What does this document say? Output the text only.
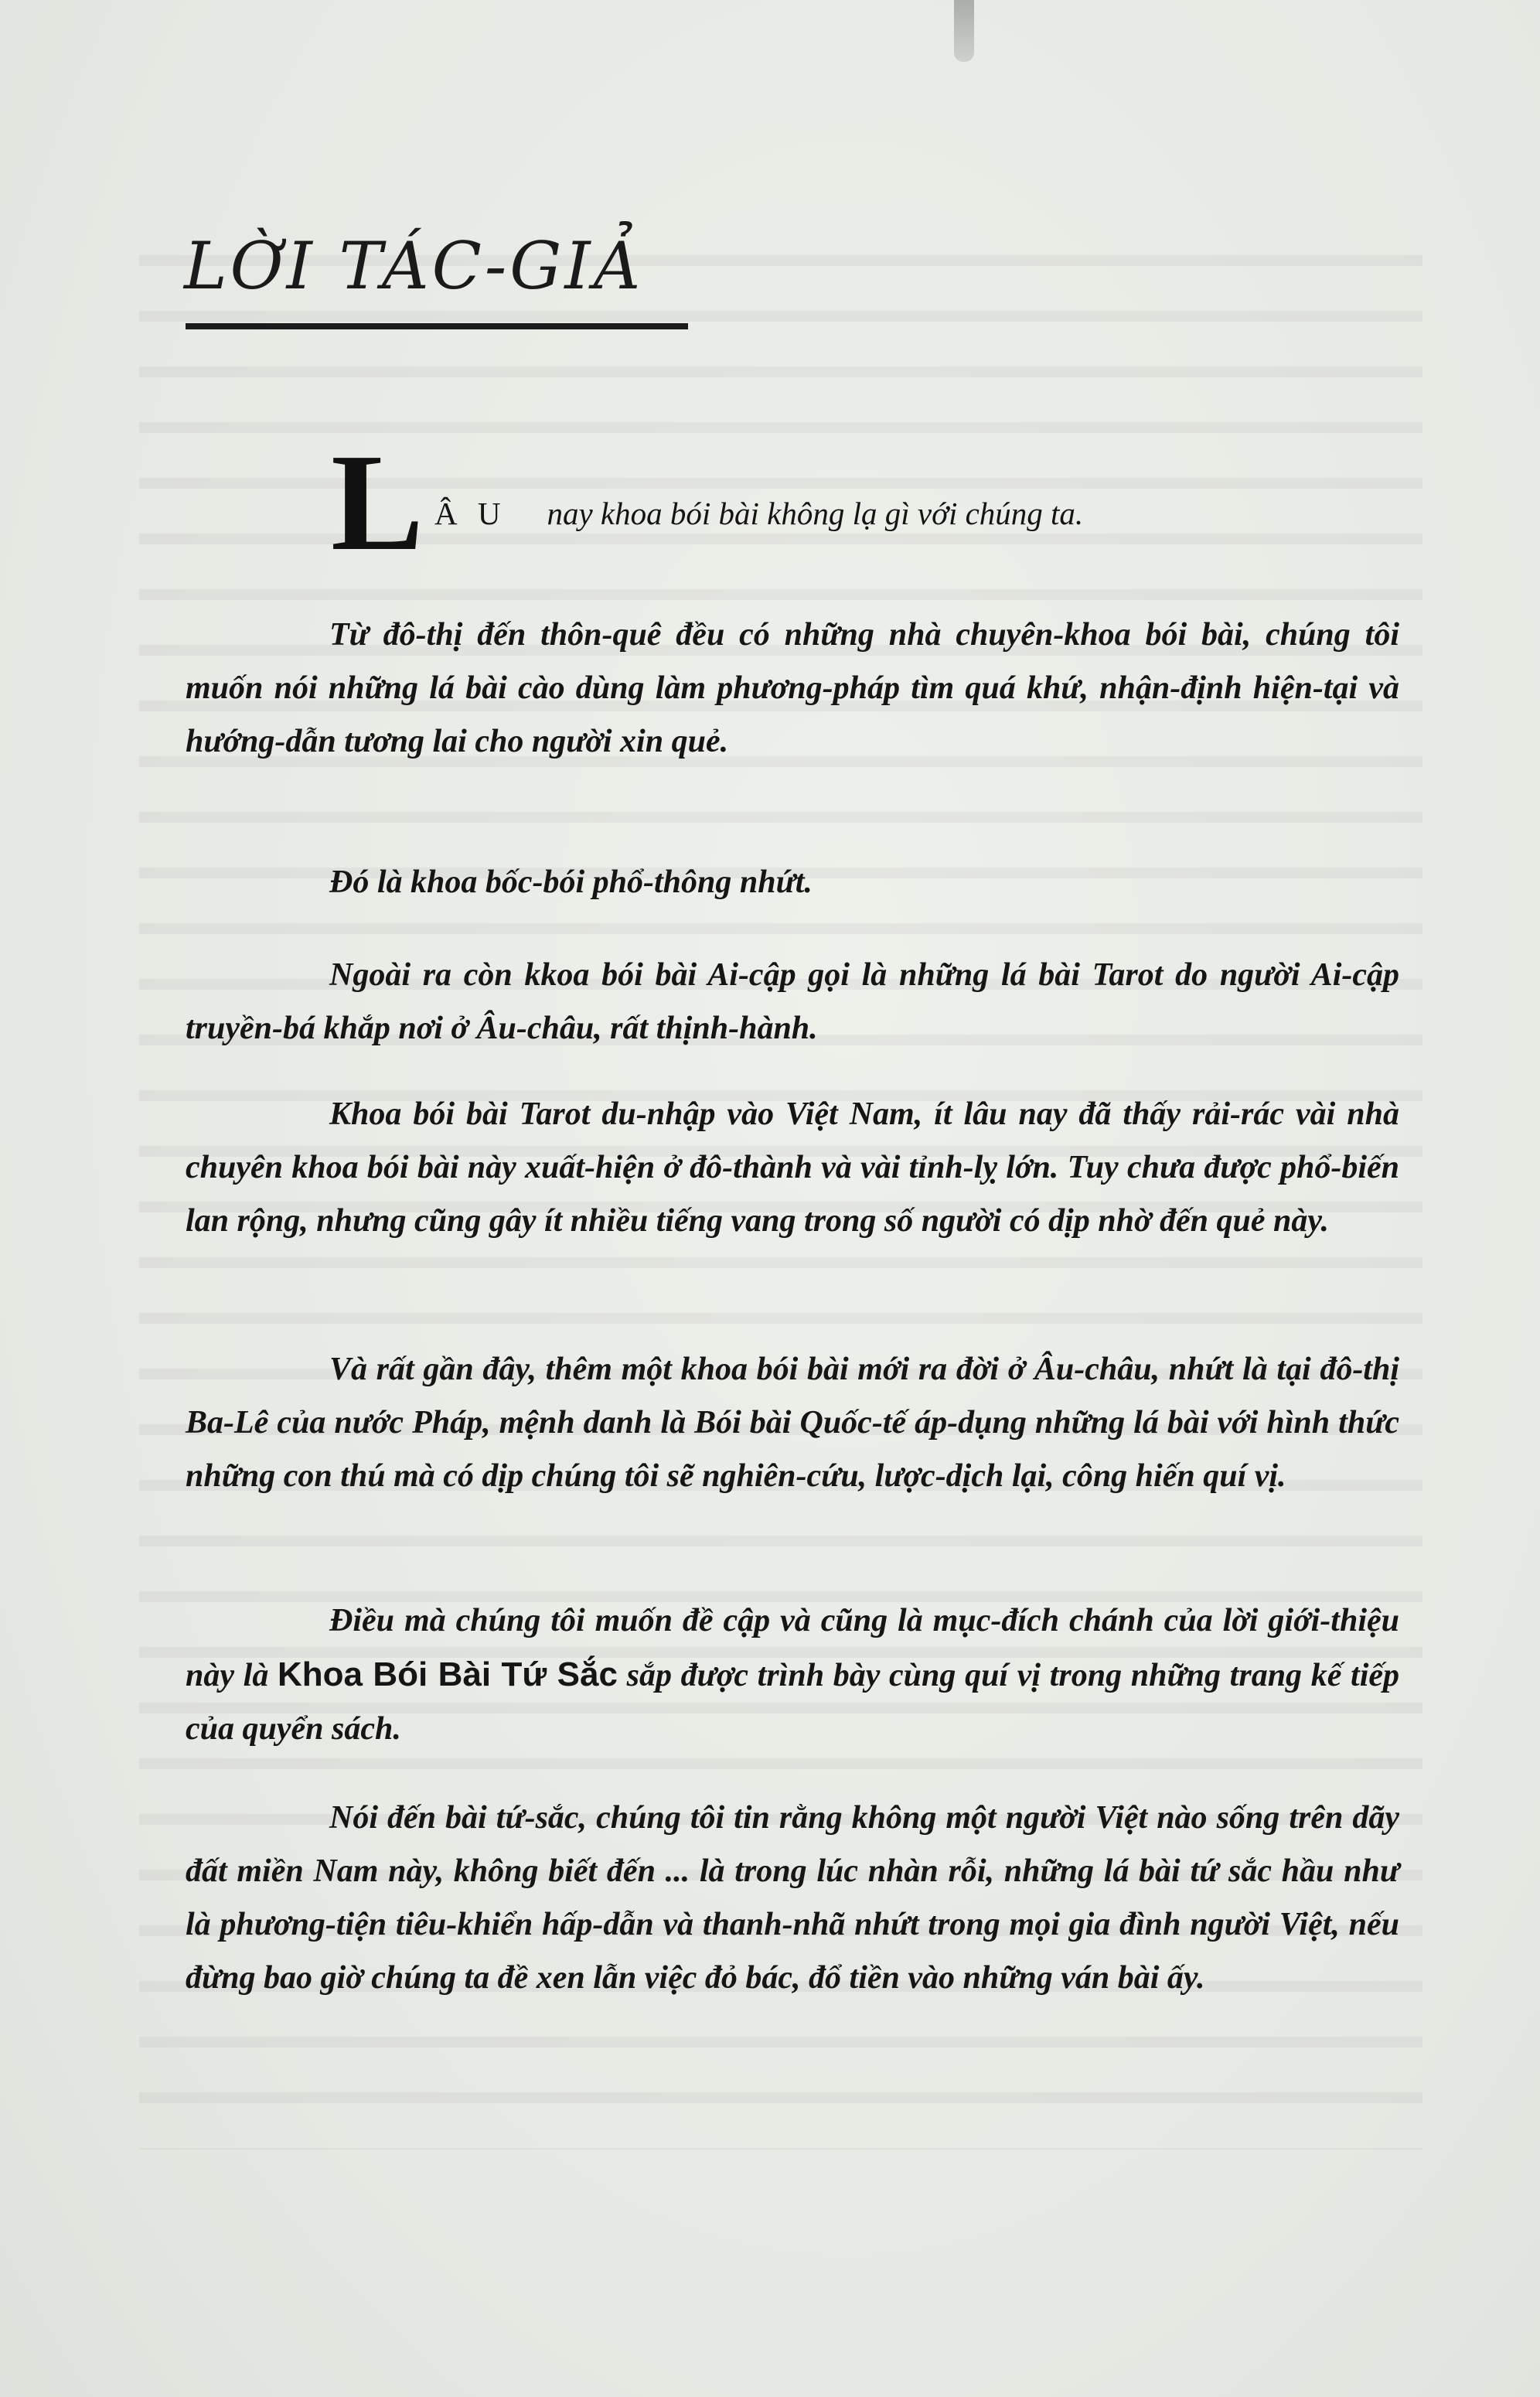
LỜI TÁC-GIẢ
L Â U nay khoa bói bài không lạ gì với chúng ta.

Từ đô-thị đến thôn-quê đều có những nhà chuyên-khoa bói bài, chúng tôi muốn nói những lá bài cào dùng làm phương-pháp tìm quá khứ, nhận-định hiện-tại và hướng-dẫn tương lai cho người xin quẻ.

Đó là khoa bốc-bói phổ-thông nhứt.

Ngoài ra còn kkoa bói bài Ai-cập gọi là những lá bài Tarot do người Ai-cập truyền-bá khắp nơi ở Âu-châu, rất thịnh-hành.

Khoa bói bài Tarot du-nhập vào Việt Nam, ít lâu nay đã thấy rải-rác vài nhà chuyên khoa bói bài này xuất-hiện ở đô-thành và vài tỉnh-lỵ lớn. Tuy chưa được phổ-biến lan rộng, nhưng cũng gây ít nhiều tiếng vang trong số người có dịp nhờ đến quẻ này.

Và rất gần đây, thêm một khoa bói bài mới ra đời ở Âu-châu, nhứt là tại đô-thị Ba-Lê của nước Pháp, mệnh danh là Bói bài Quốc-tế áp-dụng những lá bài với hình thức những con thú mà có dịp chúng tôi sẽ nghiên-cứu, lược-dịch lại, công hiến quí vị.

Điều mà chúng tôi muốn đề cập và cũng là mục-đích chánh của lời giới-thiệu này là Khoa Bói Bài Tứ Sắc sắp được trình bày cùng quí vị trong những trang kế tiếp của quyển sách.

Nói đến bài tứ-sắc, chúng tôi tin rằng không một người Việt nào sống trên dãy đất miền Nam này, không biết đến ... là trong lúc nhàn rỗi, những lá bài tứ sắc hầu như là phương-tiện tiêu-khiển hấp-dẫn và thanh-nhã nhứt trong mọi gia đình người Việt, nếu đừng bao giờ chúng ta đề xen lẫn việc đỏ bác, đổ tiền vào những ván bài ấy.
